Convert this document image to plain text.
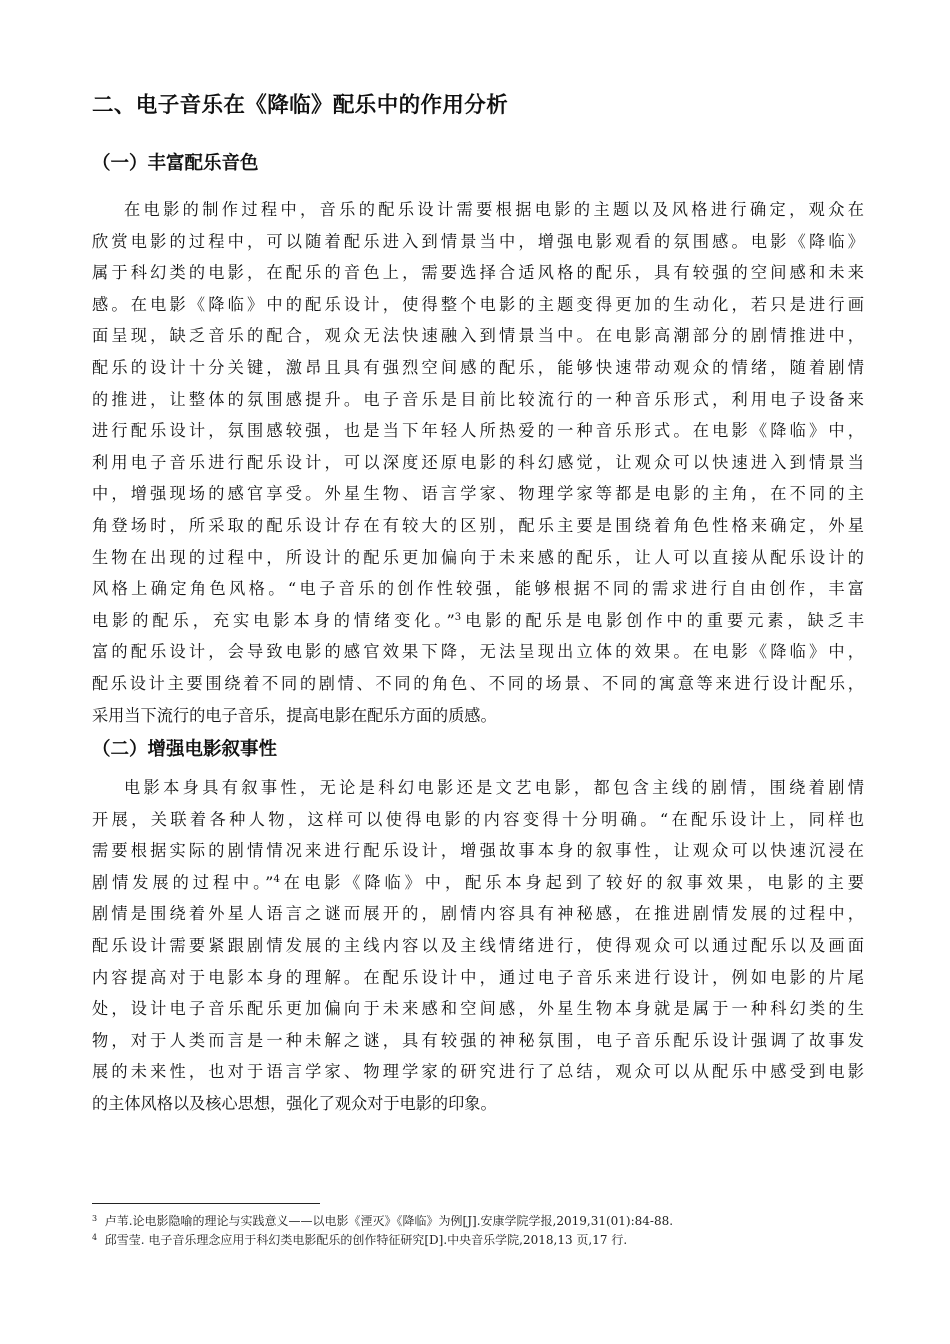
二、电子音乐在《降临》配乐中的作用分析
（一）丰富配乐音色
在电影的制作过程中，音乐的配乐设计需要根据电影的主题以及风格进行确定，观众在
欣赏电影的过程中，可以随着配乐进入到情景当中，增强电影观看的氛围感。电影《降临》
属于科幻类的电影，在配乐的音色上，需要选择合适风格的配乐，具有较强的空间感和未来
感。在电影《降临》中的配乐设计，使得整个电影的主题变得更加的生动化，若只是进行画
面呈现，缺乏音乐的配合，观众无法快速融入到情景当中。在电影高潮部分的剧情推进中，
配乐的设计十分关键，激昂且具有强烈空间感的配乐，能够快速带动观众的情绪，随着剧情
的推进，让整体的氛围感提升。电子音乐是目前比较流行的一种音乐形式，利用电子设备来
进行配乐设计，氛围感较强，也是当下年轻人所热爱的一种音乐形式。在电影《降临》中，
利用电子音乐进行配乐设计，可以深度还原电影的科幻感觉，让观众可以快速进入到情景当
中，增强现场的感官享受。外星生物、语言学家、物理学家等都是电影的主角，在不同的主
角登场时，所采取的配乐设计存在有较大的区别，配乐主要是围绕着角色性格来确定，外星
生物在出现的过程中，所设计的配乐更加偏向于未来感的配乐，让人可以直接从配乐设计的
风格上确定角色风格。“电子音乐的创作性较强，能够根据不同的需求进行自由创作，丰富
电影的配乐，充实电影本身的情绪变化。”$^3$电影的配乐是电影创作中的重要元素，缺乏丰
富的配乐设计，会导致电影的感官效果下降，无法呈现出立体的效果。在电影《降临》中，
配乐设计主要围绕着不同的剧情、不同的角色、不同的场景、不同的寓意等来进行设计配乐，
采用当下流行的电子音乐，提高电影在配乐方面的质感。
（二）增强电影叙事性
电影本身具有叙事性，无论是科幻电影还是文艺电影，都包含主线的剧情，围绕着剧情
开展，关联着各种人物，这样可以使得电影的内容变得十分明确。“在配乐设计上，同样也
需要根据实际的剧情情况来进行配乐设计，增强故事本身的叙事性，让观众可以快速沉浸在
剧情发展的过程中。”$^4$在电影《降临》中，配乐本身起到了较好的叙事效果，电影的主要
剧情是围绕着外星人语言之谜而展开的，剧情内容具有神秘感，在推进剧情发展的过程中，
配乐设计需要紧跟剧情发展的主线内容以及主线情绪进行，使得观众可以通过配乐以及画面
内容提高对于电影本身的理解。在配乐设计中，通过电子音乐来进行设计，例如电影的片尾
处，设计电子音乐配乐更加偏向于未来感和空间感，外星生物本身就是属于一种科幻类的生
物，对于人类而言是一种未解之谜，具有较强的神秘氛围，电子音乐配乐设计强调了故事发
展的未来性，也对于语言学家、物理学家的研究进行了总结，观众可以从配乐中感受到电影
的主体风格以及核心思想，强化了观众对于电影的印象。
$^3$ 卢苇.论电影隐喻的理论与实践意义——以电影《湮灭》《降临》为例[J].安康学院学报,2019,31(01):84-88.
$^4$ 邱雪莹. 电子音乐理念应用于科幻类电影配乐的创作特征研究[D].中央音乐学院,2018,13 页,17 行.
